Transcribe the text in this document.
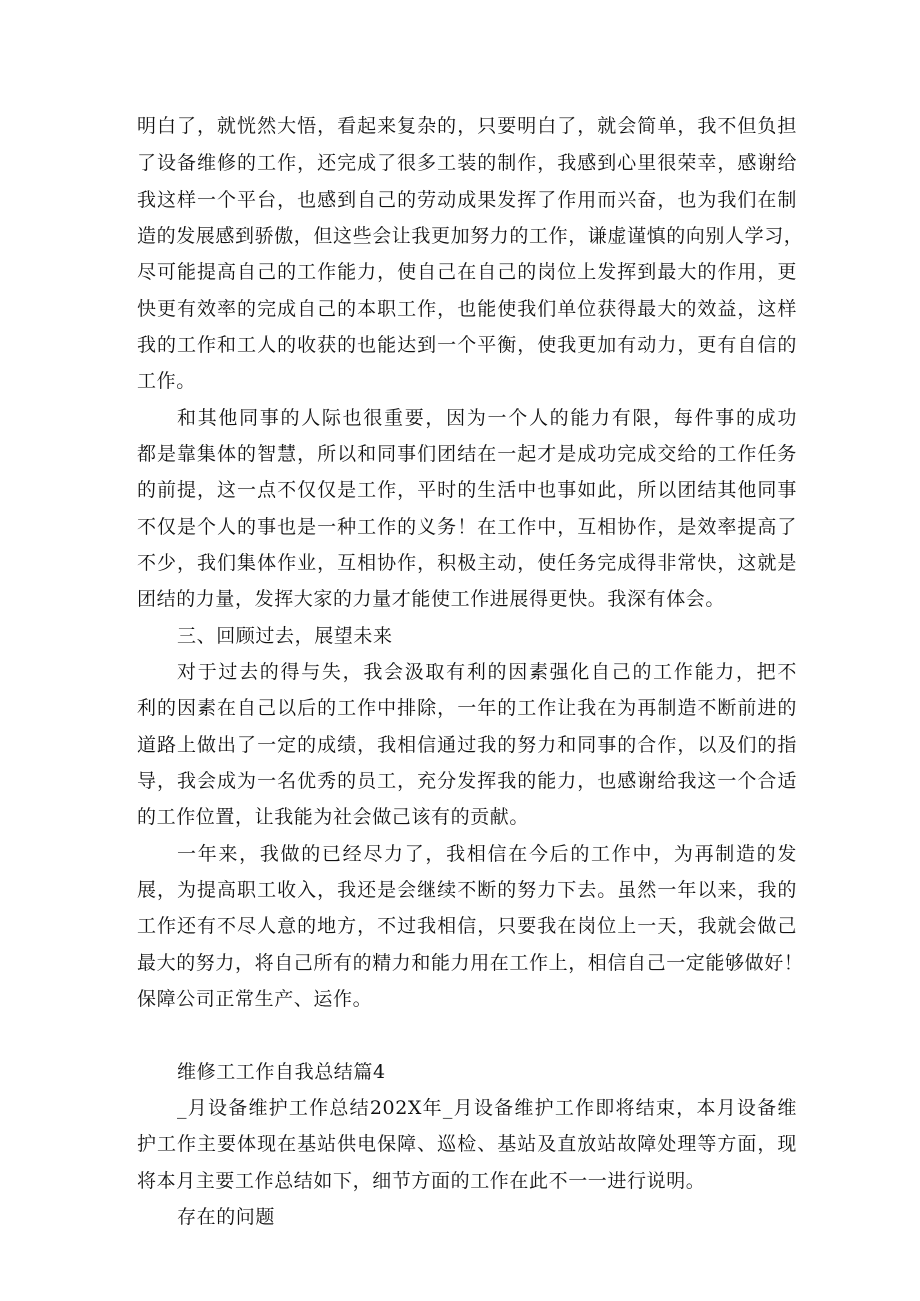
明白了，就恍然大悟，看起来复杂的，只要明白了，就会简单，我不但负担
了设备维修的工作，还完成了很多工装的制作，我感到心里很荣幸，感谢给
我这样一个平台，也感到自己的劳动成果发挥了作用而兴奋，也为我们在制
造的发展感到骄傲，但这些会让我更加努力的工作，谦虚谨慎的向别人学习，
尽可能提高自己的工作能力，使自己在自己的岗位上发挥到最大的作用，更
快更有效率的完成自己的本职工作，也能使我们单位获得最大的效益，这样
我的工作和工人的收获的也能达到一个平衡，使我更加有动力，更有自信的
工作。
和其他同事的人际也很重要，因为一个人的能力有限，每件事的成功
都是靠集体的智慧，所以和同事们团结在一起才是成功完成交给的工作任务
的前提，这一点不仅仅是工作，平时的生活中也事如此，所以团结其他同事
不仅是个人的事也是一种工作的义务！在工作中，互相协作，是效率提高了
不少，我们集体作业，互相协作，积极主动，使任务完成得非常快，这就是
团结的力量，发挥大家的力量才能使工作进展得更快。我深有体会。
三、回顾过去，展望未来
对于过去的得与失，我会汲取有利的因素强化自己的工作能力，把不
利的因素在自己以后的工作中排除，一年的工作让我在为再制造不断前进的
道路上做出了一定的成绩，我相信通过我的努力和同事的合作，以及们的指
导，我会成为一名优秀的员工，充分发挥我的能力，也感谢给我这一个合适
的工作位置，让我能为社会做己该有的贡献。
一年来，我做的已经尽力了，我相信在今后的工作中，为再制造的发
展，为提高职工收入，我还是会继续不断的努力下去。虽然一年以来，我的
工作还有不尽人意的地方，不过我相信，只要我在岗位上一天，我就会做己
最大的努力，将自己所有的精力和能力用在工作上，相信自己一定能够做好！
保障公司正常生产、运作。
维修工工作自我总结篇4
_月设备维护工作总结202X年_月设备维护工作即将结束，本月设备维
护工作主要体现在基站供电保障、巡检、基站及直放站故障处理等方面，现
将本月主要工作总结如下，细节方面的工作在此不一一进行说明。
存在的问题
